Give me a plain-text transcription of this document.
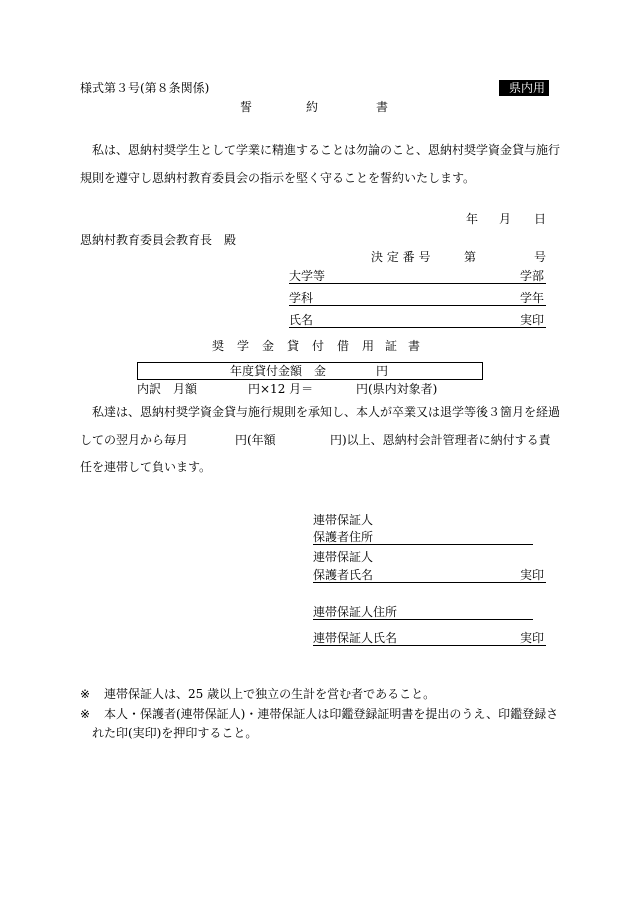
様式第３号(第８条関係)	県内用
誓	約	書
私は、恩納村奨学生として学業に精進することは勿論のこと、恩納村奨学資金貸与施行
規則を遵守し恩納村教育委員会の指示を堅く守ることを誓約いたします。
年 月 日
恩納村教育委員会教育長　殿
決 定 番 号	第	号
大学等	学部
学科	学年
氏名	実印
奨 学 金 貸 付 借 用 証 書
年度貸付金額　金	円
内訳　月額	円×12 月＝	円(県内対象者)
私達は、恩納村奨学資金貸与施行規則を承知し、本人が卒業又は退学等後３箇月を経過
しての翌月から毎月	円(年額	円)以上、恩納村会計管理者に納付する責
任を連帯して負います。
連帯保証人
保護者住所
連帯保証人
保護者氏名	実印
連帯保証人住所
連帯保証人氏名	実印
※ 連帯保証人は、25 歳以上で独立の生計を営む者であること。
※ 本人・保護者(連帯保証人)・連帯保証人は印鑑登録証明書を提出のうえ、印鑑登録さ
れた印(実印)を押印すること。
